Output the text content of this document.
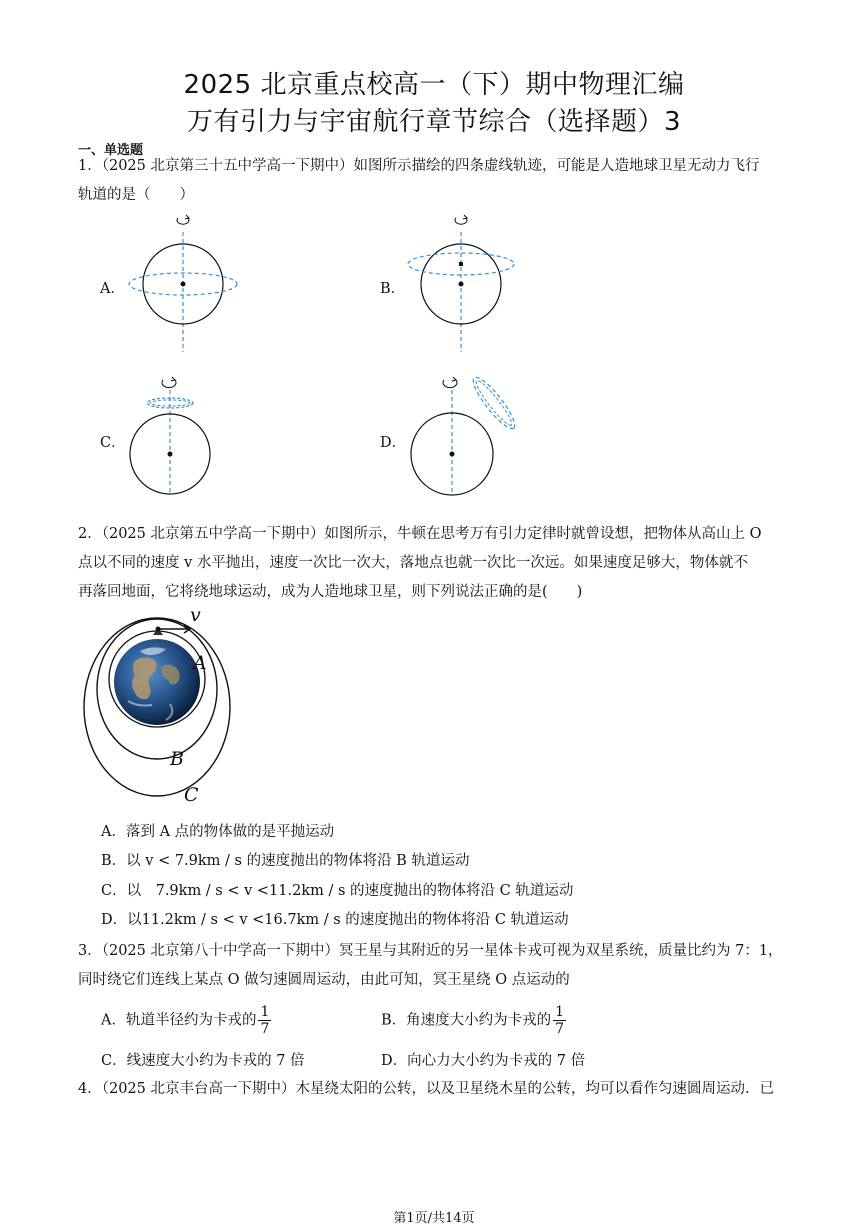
2025 北京重点校高一（下）期中物理汇编
万有引力与宇宙航行章节综合（选择题）3
一、单选题
1．（2025 北京第三十五中学高一下期中）如图所示描绘的四条虚线轨迹，可能是人造地球卫星无动力飞行
轨道的是（　　）
A．	B．
C．	D．
2．（2025 北京第五中学高一下期中）如图所示，牛顿在思考万有引力定律时就曾设想，把物体从高山上 O
点以不同的速度 v 水平抛出，速度一次比一次大，落地点也就一次比一次远。如果速度足够大，物体就不
再落回地面，它将绕地球运动，成为人造地球卫星，则下列说法正确的是(　　)
v
A
B
C
A．落到 A 点的物体做的是平抛运动
B．以 v < 7.9km / s 的速度抛出的物体将沿 B 轨道运动
C．以　7.9km / s < v <11.2km / s 的速度抛出的物体将沿 C 轨道运动
D．以11.2km / s < v <16.7km / s 的速度抛出的物体将沿 C 轨道运动
3．（2025 北京第八十中学高一下期中）冥王星与其附近的另一星体卡戎可视为双星系统，质量比约为 7：1，
同时绕它们连线上某点 O 做匀速圆周运动，由此可知，冥王星绕 O 点运动的
A．轨道半径约为卡戎的 $\frac{1}{7}$	B．角速度大小约为卡戎的 $\frac{1}{7}$
C．线速度大小约为卡戎的 7 倍	D．向心力大小约为卡戎的 7 倍
4．（2025 北京丰台高一下期中）木星绕太阳的公转，以及卫星绕木星的公转，均可以看作匀速圆周运动．已
第1页/共14页
